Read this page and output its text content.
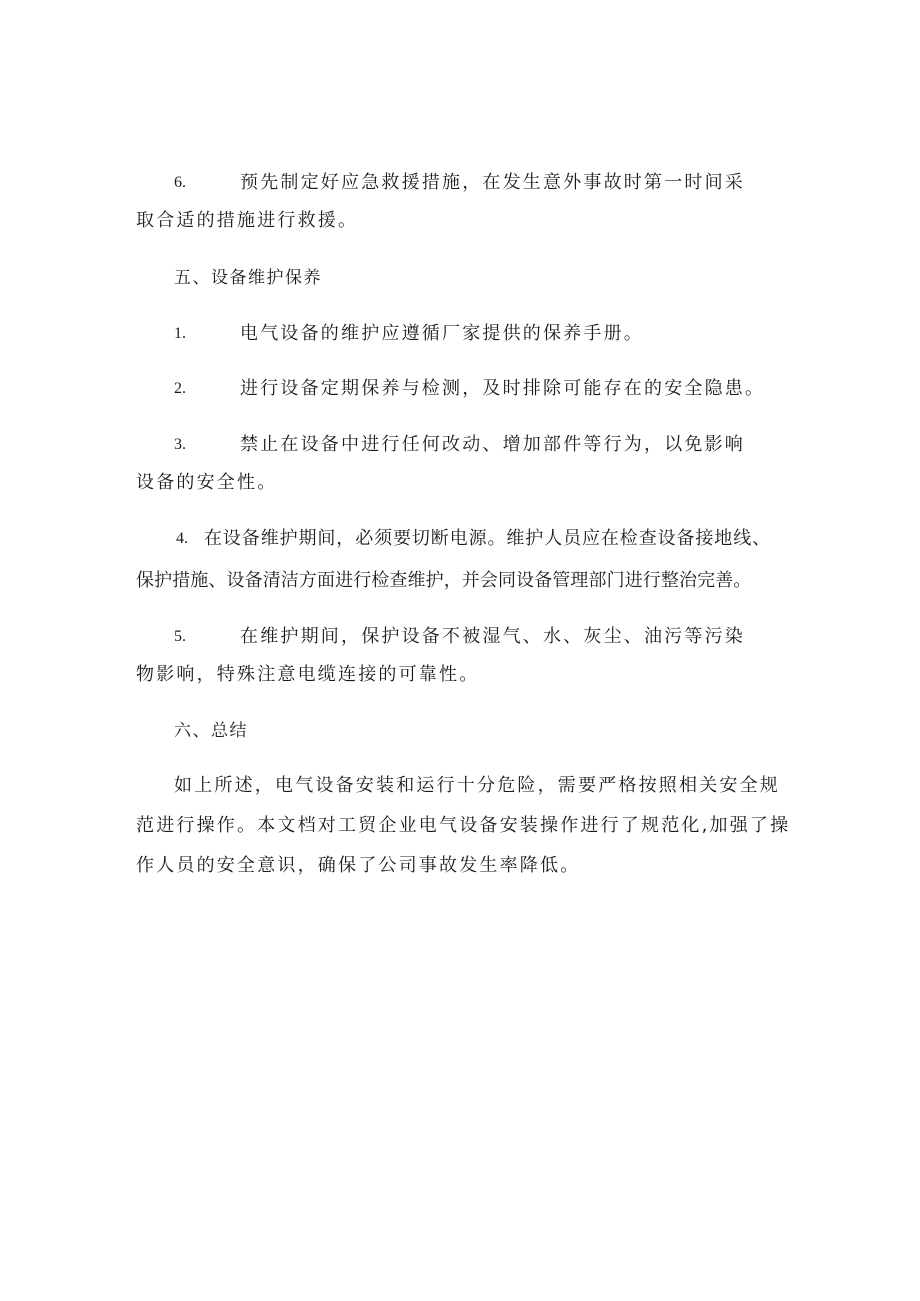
6.	预先制定好应急救援措施，在发生意外事故时第一时间采
取合适的措施进行救援。
五、设备维护保养
1.	电气设备的维护应遵循厂家提供的保养手册。
2.	进行设备定期保养与检测，及时排除可能存在的安全隐患。
3.	禁止在设备中进行任何改动、增加部件等行为，以免影响
设备的安全性。
4. 在设备维护期间，必须要切断电源。维护人员应在检查设备接地线、
保护措施、设备清洁方面进行检查维护，并会同设备管理部门进行整治完善。
5.	在维护期间，保护设备不被湿气、水、灰尘、油污等污染
物影响，特殊注意电缆连接的可靠性。
六、总结
如上所述，电气设备安装和运行十分危险，需要严格按照相关安全规
范进行操作。本文档对工贸企业电气设备安装操作进行了规范化,加强了操
作人员的安全意识，确保了公司事故发生率降低。
